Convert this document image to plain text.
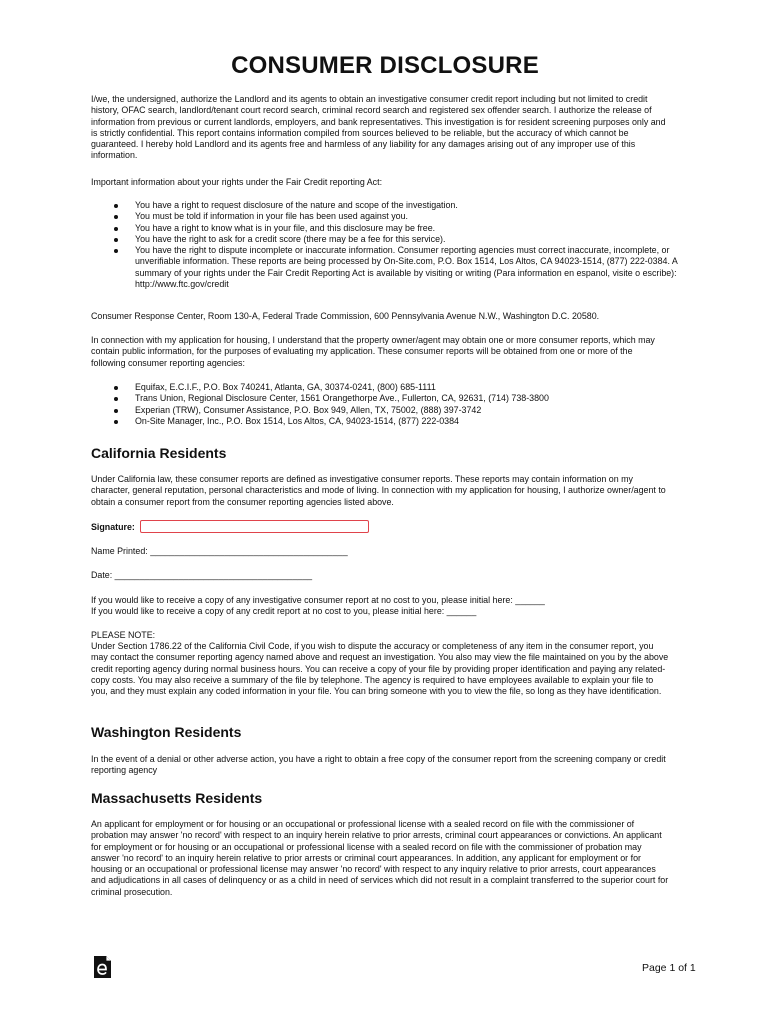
CONSUMER DISCLOSURE
I/we, the undersigned, authorize the Landlord and its agents to obtain an investigative consumer credit report including but not limited to credit history, OFAC search, landlord/tenant court record search, criminal record search and registered sex offender search. I authorize the release of information from previous or current landlords, employers, and bank representatives. This investigation is for resident screening purposes only and is strictly confidential. This report contains information compiled from sources believed to be reliable, but the accuracy of which cannot be guaranteed. I hereby hold Landlord and its agents free and harmless of any liability for any damages arising out of any improper use of this information.
Important information about your rights under the Fair Credit reporting Act:
You have a right to request disclosure of the nature and scope of the investigation.
You must be told if information in your file has been used against you.
You have a right to know what is in your file, and this disclosure may be free.
You have the right to ask for a credit score (there may be a fee for this service).
You have the right to dispute incomplete or inaccurate information. Consumer reporting agencies must correct inaccurate, incomplete, or unverifiable information. These reports are being processed by On-Site.com, P.O. Box 1514, Los Altos, CA 94023-1514, (877) 222-0384. A summary of your rights under the Fair Credit Reporting Act is available by visiting or writing (Para information en espanol, visite o escribe): http://www.ftc.gov/credit
Consumer Response Center, Room 130-A, Federal Trade Commission, 600 Pennsylvania Avenue N.W., Washington D.C. 20580.
In connection with my application for housing, I understand that the property owner/agent may obtain one or more consumer reports, which may contain public information, for the purposes of evaluating my application. These consumer reports will be obtained from one or more of the following consumer reporting agencies:
Equifax, E.C.I.F., P.O. Box 740241, Atlanta, GA, 30374-0241, (800) 685-1111
Trans Union, Regional Disclosure Center, 1561 Orangethorpe Ave., Fullerton, CA, 92631, (714) 738-3800
Experian (TRW), Consumer Assistance, P.O. Box 949, Allen, TX, 75002, (888) 397-3742
On-Site Manager, Inc., P.O. Box 1514, Los Altos, CA, 94023-1514, (877) 222-0384
California Residents
Under California law, these consumer reports are defined as investigative consumer reports. These reports may contain information on my character, general reputation, personal characteristics and mode of living. In connection with my application for housing, I authorize owner/agent to obtain a consumer report from the consumer reporting agencies listed above.
Signature:
Name Printed: ________________________________________
Date: ________________________________________
If you would like to receive a copy of any investigative consumer report at no cost to you, please initial here: ______
If you would like to receive a copy of any credit report at no cost to you, please initial here: ______
PLEASE NOTE:
Under Section 1786.22 of the California Civil Code, if you wish to dispute the accuracy or completeness of any item in the consumer report, you may contact the consumer reporting agency named above and request an investigation. You also may view the file maintained on you by the above credit reporting agency during normal business hours. You can receive a copy of your file by providing proper identification and paying any related-copy costs. You may also receive a summary of the file by telephone. The agency is required to have employees available to explain your file to you, and they must explain any coded information in your file. You can bring someone with you to view the file, so long as they have identification.
Washington Residents
In the event of a denial or other adverse action, you have a right to obtain a free copy of the consumer report from the screening company or credit reporting agency
Massachusetts Residents
An applicant for employment or for housing or an occupational or professional license with a sealed record on file with the commissioner of probation may answer 'no record' with respect to an inquiry herein relative to prior arrests, criminal court appearances or convictions. An applicant for employment or for housing or an occupational or professional license with a sealed record on file with the commissioner of probation may answer 'no record' to an inquiry herein relative to prior arrests or criminal court appearances. In addition, any applicant for employment or for housing or an occupational or professional license may answer 'no record' with respect to any inquiry relative to prior arrests, court appearances and adjudications in all cases of delinquency or as a child in need of services which did not result in a complaint transferred to the superior court for criminal prosecution.
Page 1 of 1
